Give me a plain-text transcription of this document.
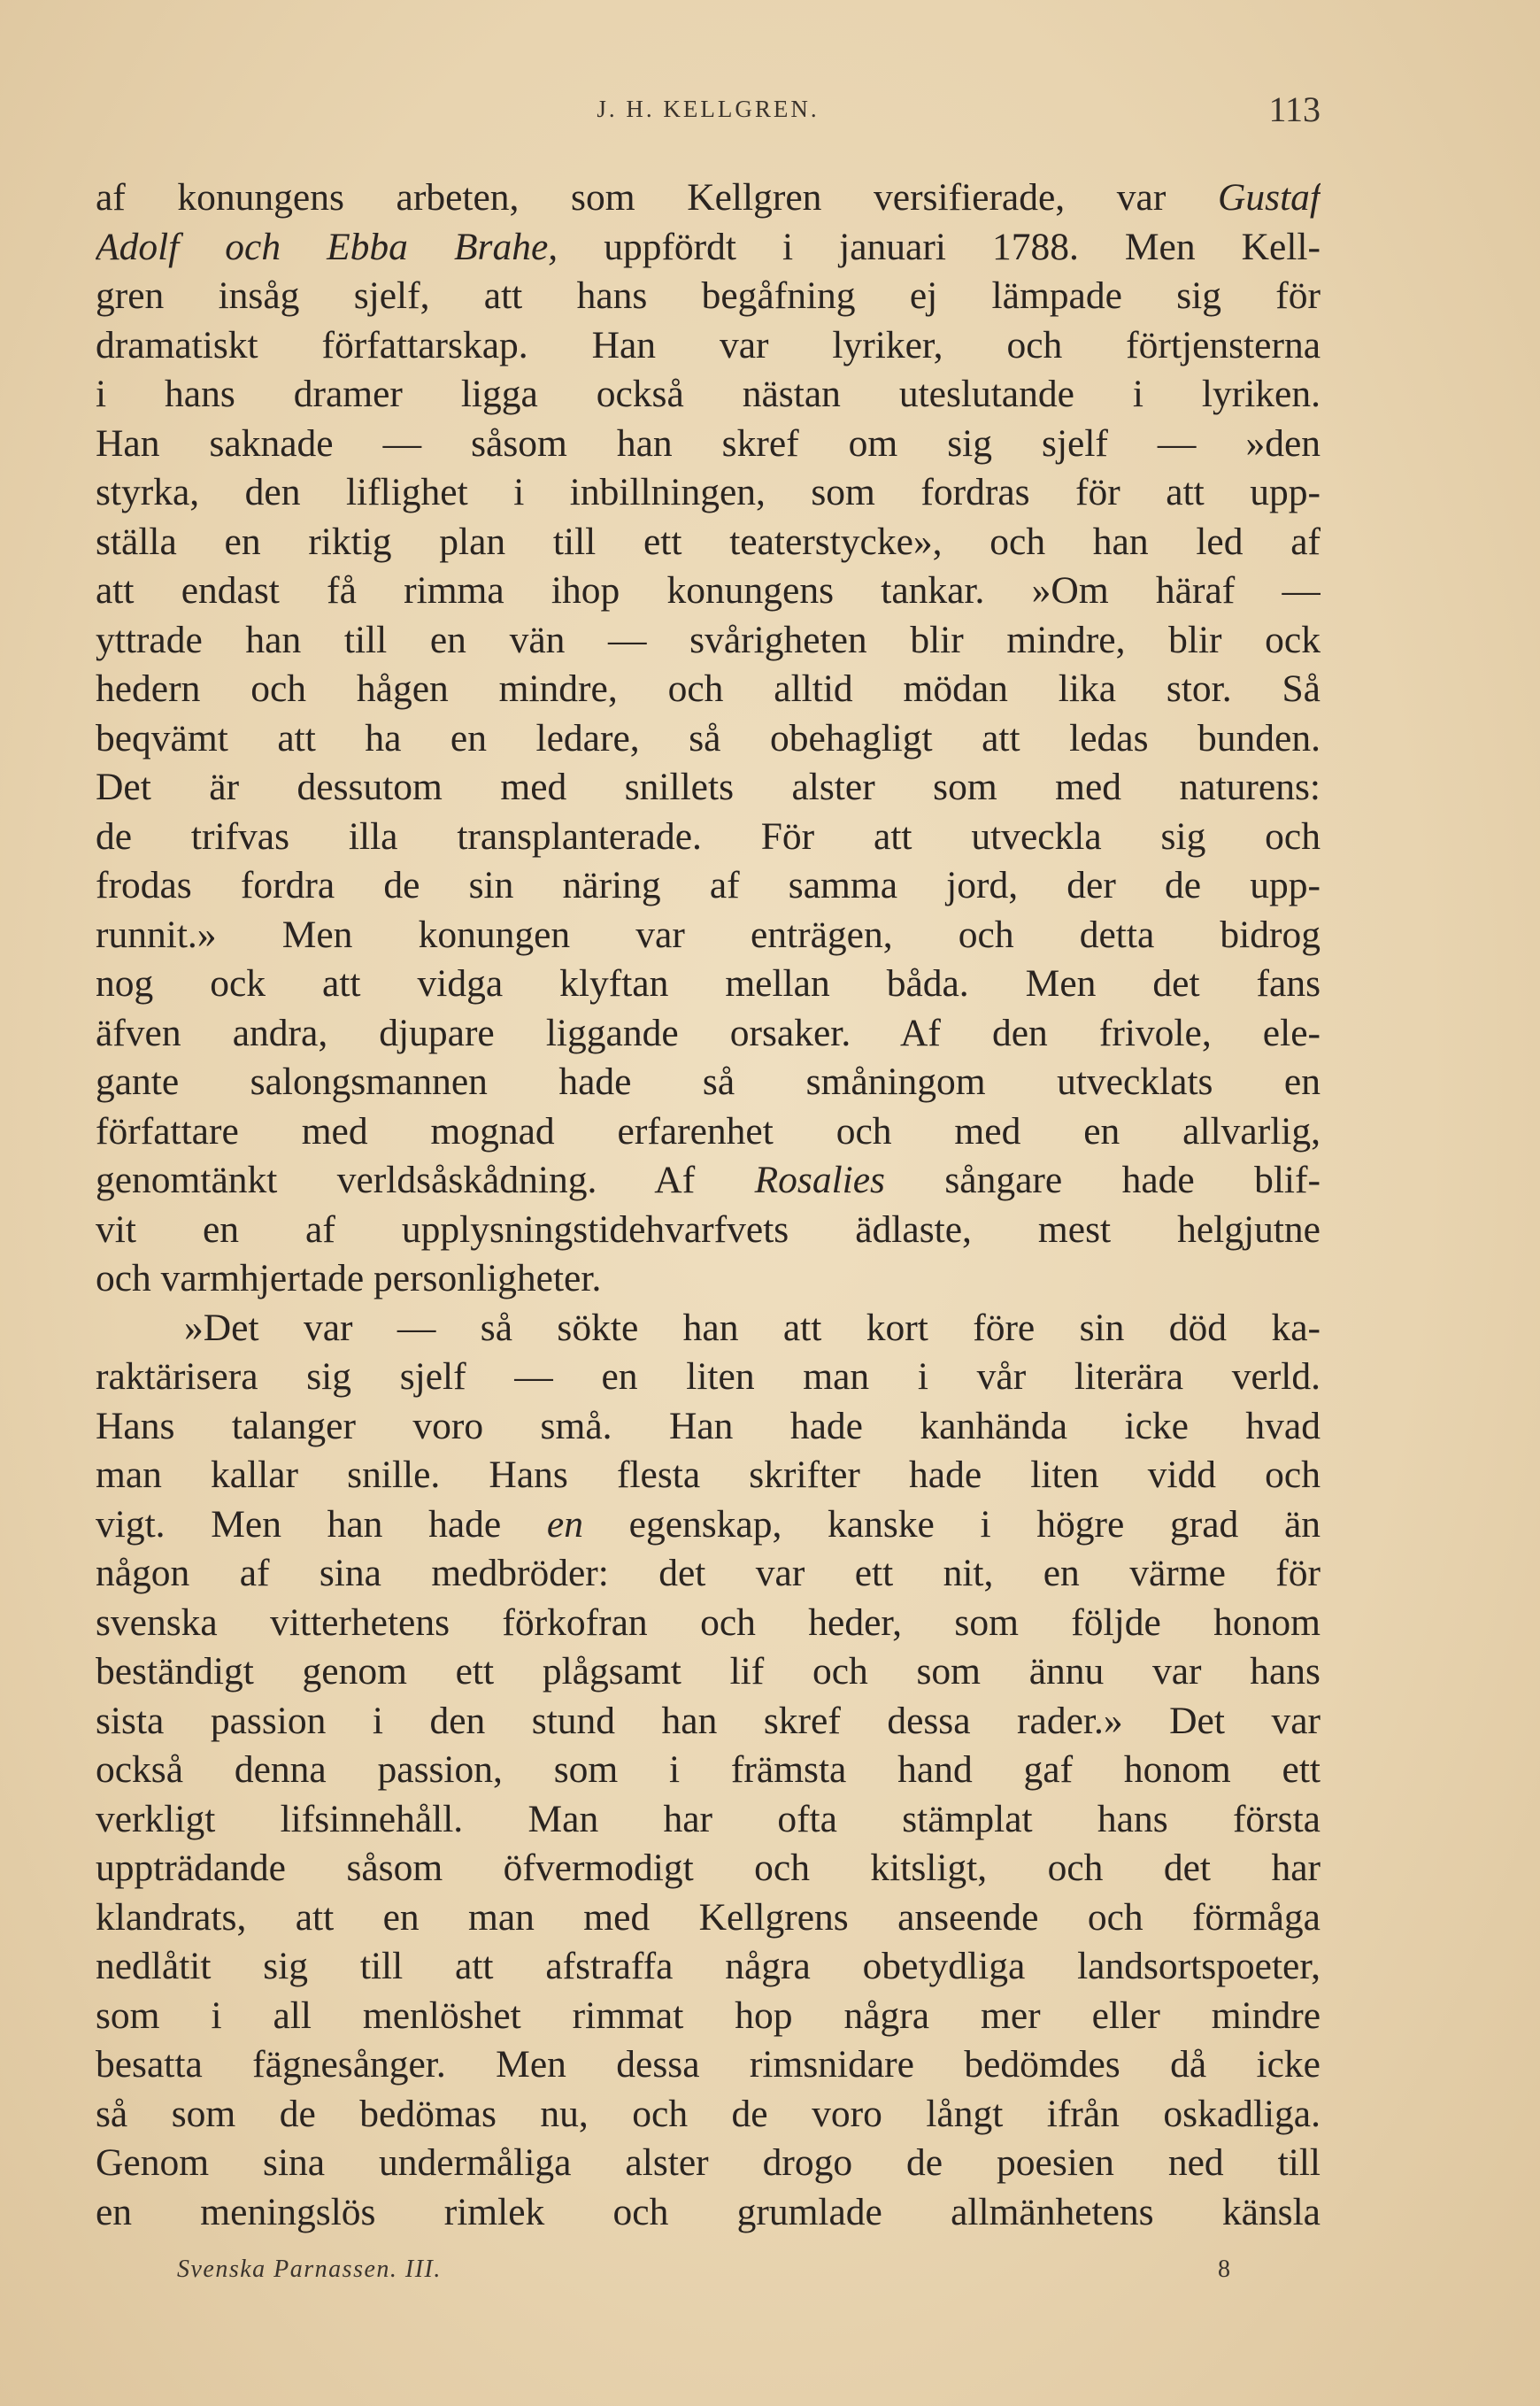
J. H. KELLGREN.	113
af konungens arbeten, som Kellgren versifierade, var Gustaf
Adolf och Ebba Brahe, uppfördt i januari 1788. Men Kell-
gren insåg sjelf, att hans begåfning ej lämpade sig för
dramatiskt författarskap. Han var lyriker, och förtjensterna
i hans dramer ligga också nästan uteslutande i lyriken.
Han saknade — såsom han skref om sig sjelf — »den
styrka, den liflighet i inbillningen, som fordras för att upp-
ställa en riktig plan till ett teaterstycke», och han led af
att endast få rimma ihop konungens tankar. »Om häraf —
yttrade han till en vän — svårigheten blir mindre, blir ock
hedern och hågen mindre, och alltid mödan lika stor. Så
beqvämt att ha en ledare, så obehagligt att ledas bunden.
Det är dessutom med snillets alster som med naturens:
de trifvas illa transplanterade. För att utveckla sig och
frodas fordra de sin näring af samma jord, der de upp-
runnit.» Men konungen var enträgen, och detta bidrog
nog ock att vidga klyftan mellan båda. Men det fans
äfven andra, djupare liggande orsaker. Af den frivole, ele-
gante salongsmannen hade så småningom utvecklats en
författare med mognad erfarenhet och med en allvarlig,
genomtänkt verldsåskådning. Af Rosalies sångare hade blif-
vit en af upplysningstidehvarfvets ädlaste, mest helgjutne
och varmhjertade personligheter.
»Det var — så sökte han att kort före sin död ka-
raktärisera sig sjelf — en liten man i vår literära verld.
Hans talanger voro små. Han hade kanhända icke hvad
man kallar snille. Hans flesta skrifter hade liten vidd och
vigt. Men han hade en egenskap, kanske i högre grad än
någon af sina medbröder: det var ett nit, en värme för
svenska vitterhetens förkofran och heder, som följde honom
beständigt genom ett plågsamt lif och som ännu var hans
sista passion i den stund han skref dessa rader.» Det var
också denna passion, som i främsta hand gaf honom ett
verkligt lifsinnehåll. Man har ofta stämplat hans första
uppträdande såsom öfvermodigt och kitsligt, och det har
klandrats, att en man med Kellgrens anseende och förmåga
nedlåtit sig till att afstraffa några obetydliga landsortspoeter,
som i all menlöshet rimmat hop några mer eller mindre
besatta fägnesånger. Men dessa rimsnidare bedömdes då icke
så som de bedömas nu, och de voro långt ifrån oskadliga.
Genom sina undermåliga alster drogo de poesien ned till
en meningslös rimlek och grumlade allmänhetens känsla
Svenska Parnassen. III.	8
